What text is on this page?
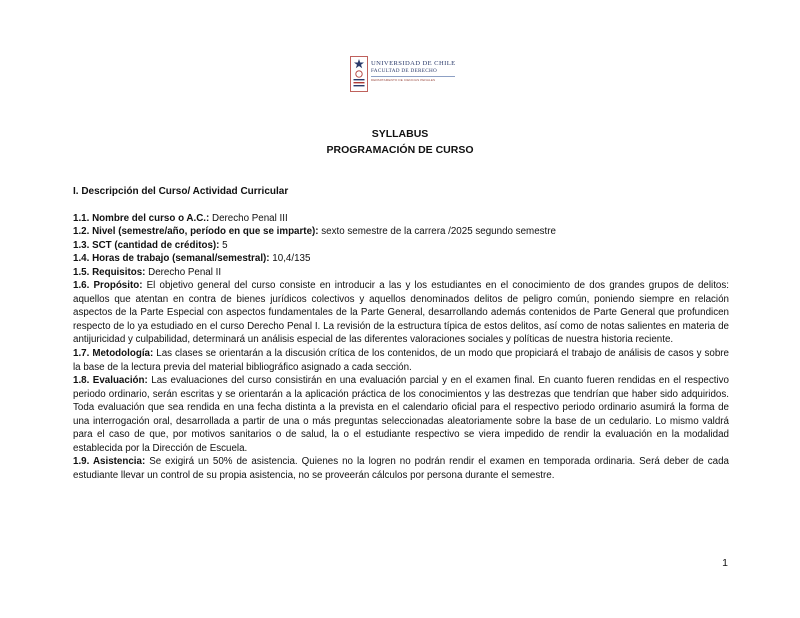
UNIVERSIDAD DE CHILE
FACULTAD DE DERECHO
DEPARTAMENTO DE CIENCIAS PENALES
SYLLABUS
PROGRAMACIÓN DE CURSO
I. Descripción del Curso/ Actividad Curricular

1.1. Nombre del curso o A.C.: Derecho Penal III

1.2. Nivel (semestre/año, período en que se imparte): sexto semestre de la carrera /2025 segundo semestre

1.3. SCT (cantidad de créditos): 5

1.4. Horas de trabajo (semanal/semestral): 10,4/135

1.5. Requisitos: Derecho Penal II

1.6. Propósito: El objetivo general del curso consiste en introducir a las y los estudiantes en el conocimiento de dos grandes grupos de delitos: aquellos que atentan en contra de bienes jurídicos colectivos y aquellos denominados delitos de peligro común, poniendo siempre en relación aspectos de la Parte Especial con aspectos fundamentales de la Parte General, desarrollando además contenidos de Parte General que profundicen respecto de lo ya estudiado en el curso Derecho Penal I. La revisión de la estructura típica de estos delitos, así como de notas salientes en materia de antijuricidad y culpabilidad, determinará un análisis especial de las diferentes valoraciones sociales y políticas de nuestra historia reciente.

1.7. Metodología: Las clases se orientarán a la discusión crítica de los contenidos, de un modo que propiciará el trabajo de análisis de casos y sobre la base de la lectura previa del material bibliográfico asignado a cada sección.

1.8. Evaluación: Las evaluaciones del curso consistirán en una evaluación parcial y en el examen final. En cuanto fueren rendidas en el respectivo periodo ordinario, serán escritas y se orientarán a la aplicación práctica de los conocimientos y las destrezas que tendrían que haber sido adquiridos. Toda evaluación que sea rendida en una fecha distinta a la prevista en el calendario oficial para el respectivo periodo ordinario asumirá la forma de una interrogación oral, desarrollada a partir de una o más preguntas seleccionadas aleatoriamente sobre la base de un cedulario. Lo mismo valdrá para el caso de que, por motivos sanitarios o de salud, la o el estudiante respectivo se viera impedido de rendir la evaluación en la modalidad establecida por la Dirección de Escuela.

1.9. Asistencia: Se exigirá un 50% de asistencia. Quienes no la logren no podrán rendir el examen en temporada ordinaria. Será deber de cada estudiante llevar un control de su propia asistencia, no se proveerán cálculos por persona durante el semestre.

1
